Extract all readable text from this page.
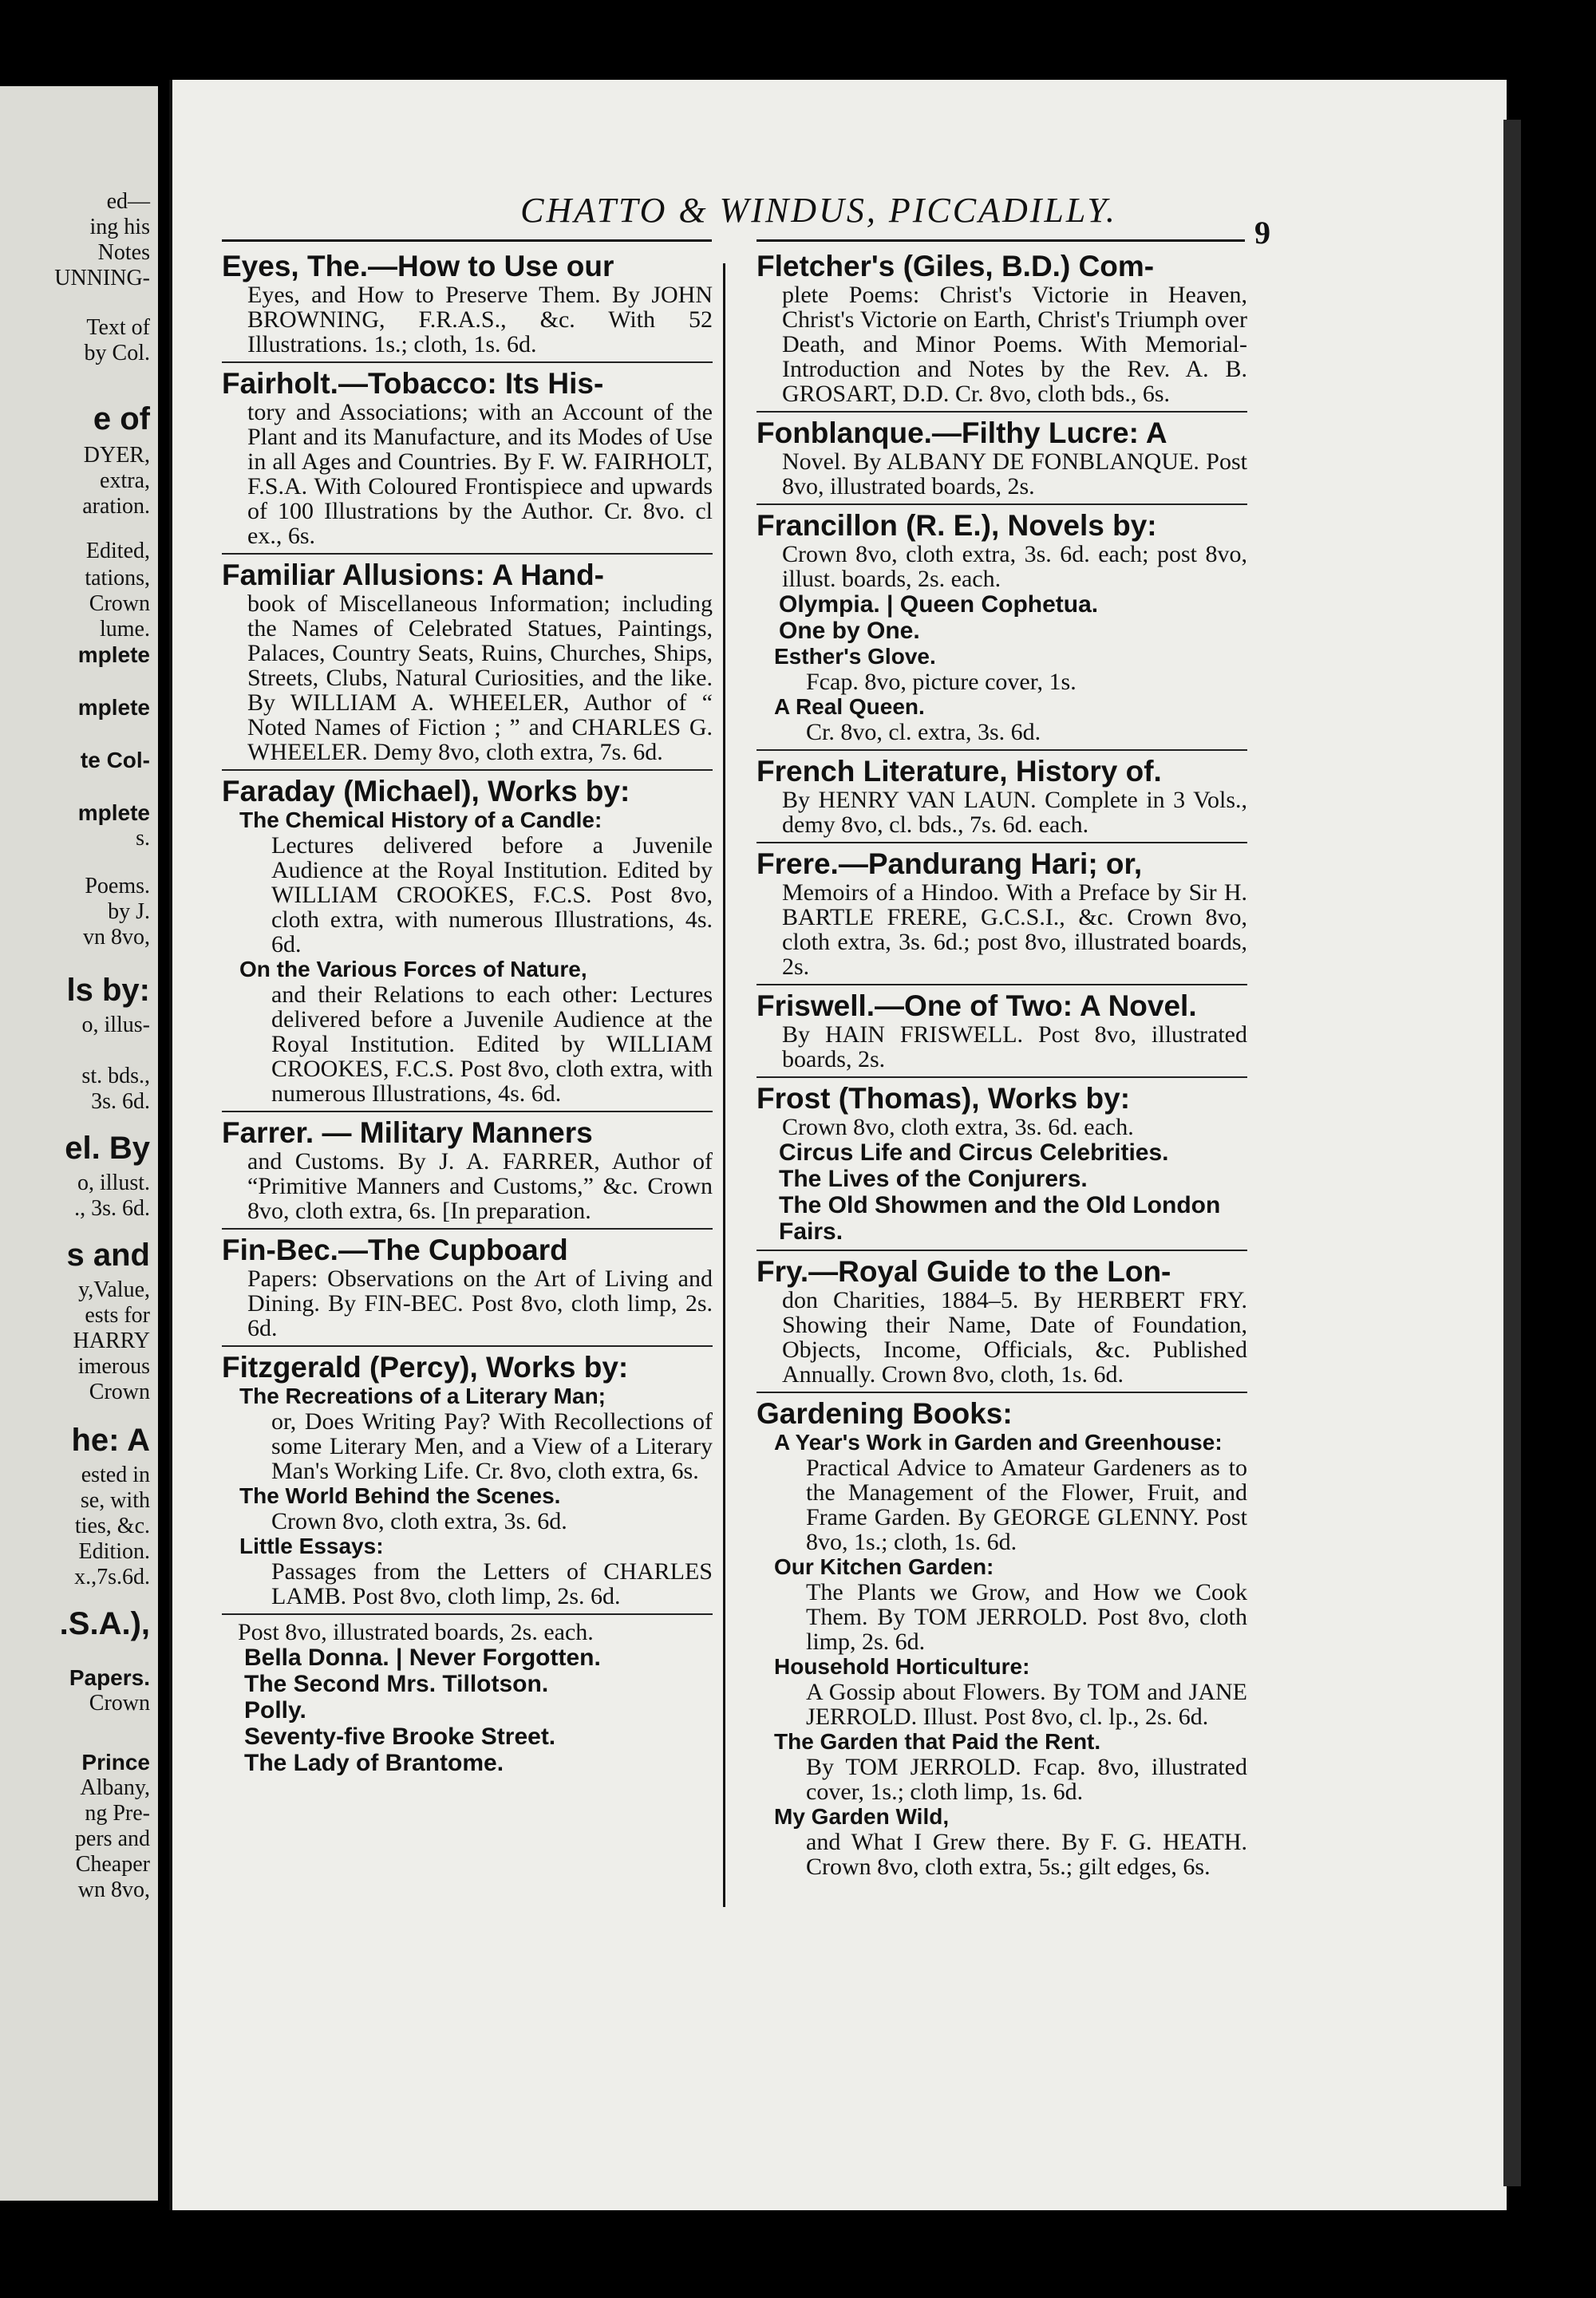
ed—
ing his
Notes
UNNING-
Text of
by Col.
e of
DYER,
extra,
aration.
Edited,
tations,
Crown
lume.
mplete
mplete
te Col-
mplete
s.
Poems.
by J.
vn 8vo,
ls by:
o, illus-
st. bds.,
3s. 6d.
el. By
o, illust.
., 3s. 6d.
s and
y,Value,
ests for
HARRY
imerous
Crown
he: A
ested in
se, with
ties, &c.
Edition.
x.,7s.6d.
.S.A.),
Papers.
Crown
Prince
Albany,
ng Pre-
pers and
Cheaper
wn 8vo,
CHATTO & WINDUS, PICCADILLY.
9
Eyes, The.—How to Use our
Eyes, and How to Preserve Them. By JOHN BROWNING, F.R.A.S., &c. With 52 Illustrations. 1s.; cloth, 1s. 6d.
Fairholt.—Tobacco: Its His-
tory and Associations; with an Account of the Plant and its Manufacture, and its Modes of Use in all Ages and Countries. By F. W. FAIRHOLT, F.S.A. With Coloured Frontispiece and upwards of 100 Illustrations by the Author. Cr. 8vo. cl ex., 6s.
Familiar Allusions: A Hand-
book of Miscellaneous Information; including the Names of Celebrated Statues, Paintings, Palaces, Country Seats, Ruins, Churches, Ships, Streets, Clubs, Natural Curiosities, and the like. By WILLIAM A. WHEELER, Author of “ Noted Names of Fiction ; ” and CHARLES G. WHEELER. Demy 8vo, cloth extra, 7s. 6d.
Faraday (Michael), Works by:
The Chemical History of a Candle:
Lectures delivered before a Juvenile Audience at the Royal Institution. Edited by WILLIAM CROOKES, F.C.S. Post 8vo, cloth extra, with numerous Illustrations, 4s. 6d.
On the Various Forces of Nature,
and their Relations to each other: Lectures delivered before a Juvenile Audience at the Royal Institution. Edited by WILLIAM CROOKES, F.C.S. Post 8vo, cloth extra, with numerous Illustrations, 4s. 6d.
Farrer. — Military Manners
and Customs. By J. A. FARRER, Author of “Primitive Manners and Customs,” &c. Crown 8vo, cloth extra, 6s. [In preparation.
Fin-Bec.—The Cupboard
Papers: Observations on the Art of Living and Dining. By FIN-BEC. Post 8vo, cloth limp, 2s. 6d.
Fitzgerald (Percy), Works by:
The Recreations of a Literary Man;
or, Does Writing Pay? With Recollections of some Literary Men, and a View of a Literary Man's Working Life. Cr. 8vo, cloth extra, 6s.
The World Behind the Scenes.
Crown 8vo, cloth extra, 3s. 6d.
Little Essays:
Passages from the Letters of CHARLES LAMB. Post 8vo, cloth limp, 2s. 6d.
Post 8vo, illustrated boards, 2s. each.
Bella Donna. | Never Forgotten.
The Second Mrs. Tillotson.
Polly.
Seventy-five Brooke Street.
The Lady of Brantome.
Fletcher's (Giles, B.D.) Com-
plete Poems: Christ's Victorie in Heaven, Christ's Victorie on Earth, Christ's Triumph over Death, and Minor Poems. With Memorial-Introduction and Notes by the Rev. A. B. GROSART, D.D. Cr. 8vo, cloth bds., 6s.
Fonblanque.—Filthy Lucre: A
Novel. By ALBANY DE FONBLANQUE. Post 8vo, illustrated boards, 2s.
Francillon (R. E.), Novels by:
Crown 8vo, cloth extra, 3s. 6d. each; post 8vo, illust. boards, 2s. each.
Olympia. | Queen Cophetua.
One by One.
Esther's Glove.
Fcap. 8vo, picture cover, 1s.
A Real Queen.
Cr. 8vo, cl. extra, 3s. 6d.
French Literature, History of.
By HENRY VAN LAUN. Complete in 3 Vols., demy 8vo, cl. bds., 7s. 6d. each.
Frere.—Pandurang Hari; or,
Memoirs of a Hindoo. With a Preface by Sir H. BARTLE FRERE, G.C.S.I., &c. Crown 8vo, cloth extra, 3s. 6d.; post 8vo, illustrated boards, 2s.
Friswell.—One of Two: A Novel.
By HAIN FRISWELL. Post 8vo, illustrated boards, 2s.
Frost (Thomas), Works by:
Crown 8vo, cloth extra, 3s. 6d. each.
Circus Life and Circus Celebrities.
The Lives of the Conjurers.
The Old Showmen and the Old London Fairs.
Fry.—Royal Guide to the Lon-
don Charities, 1884–5. By HERBERT FRY. Showing their Name, Date of Foundation, Objects, Income, Officials, &c. Published Annually. Crown 8vo, cloth, 1s. 6d.
Gardening Books:
A Year's Work in Garden and Greenhouse:
Practical Advice to Amateur Gardeners as to the Management of the Flower, Fruit, and Frame Garden. By GEORGE GLENNY. Post 8vo, 1s.; cloth, 1s. 6d.
Our Kitchen Garden:
The Plants we Grow, and How we Cook Them. By TOM JERROLD. Post 8vo, cloth limp, 2s. 6d.
Household Horticulture:
A Gossip about Flowers. By TOM and JANE JERROLD. Illust. Post 8vo, cl. lp., 2s. 6d.
The Garden that Paid the Rent.
By TOM JERROLD. Fcap. 8vo, illustrated cover, 1s.; cloth limp, 1s. 6d.
My Garden Wild,
and What I Grew there. By F. G. HEATH. Crown 8vo, cloth extra, 5s.; gilt edges, 6s.
